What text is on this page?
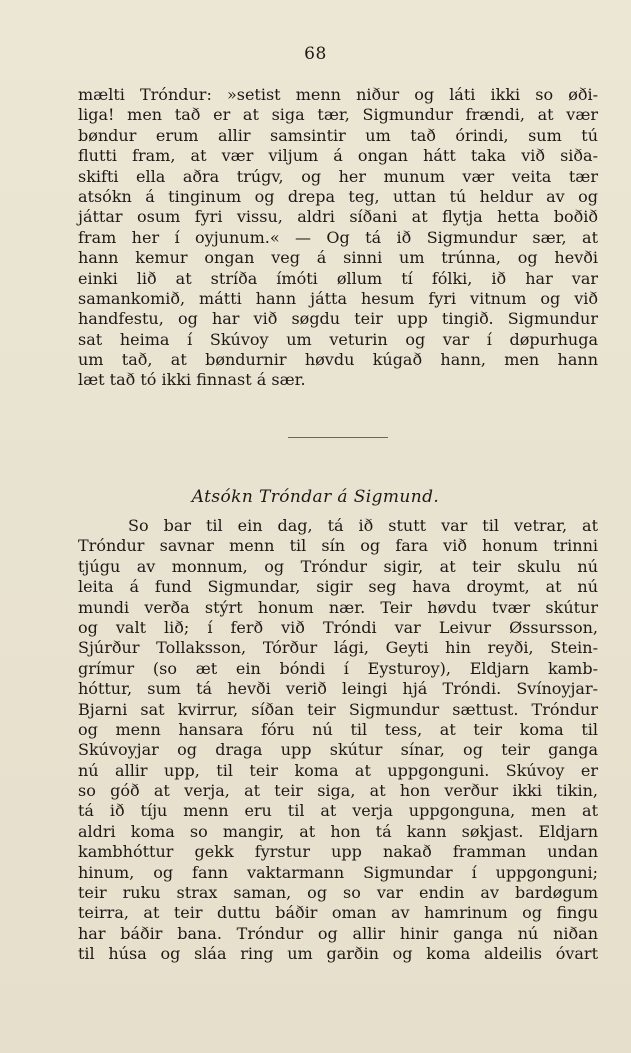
68
mælti Tróndur: »setist menn niður og láti ikki so øði-
liga! men tað er at siga tær, Sigmundur frændi, at vær
bøndur erum allir samsintir um tað órindi, sum tú
flutti fram, at vær viljum á ongan hátt taka við siða-
skifti ella aðra trúgv, og her munum vær veita tær
atsókn á tinginum og drepa teg, uttan tú heldur av og
játtar osum fyri vissu, aldri síðani at flytja hetta boðið
fram her í oyjunum.« — Og tá ið Sigmundur sær, at
hann kemur ongan veg á sinni um trúnna, og hevði
einki lið at stríða ímóti øllum tí fólki, ið har var
samankomið, mátti hann játta hesum fyri vitnum og við
handfestu, og har við søgdu teir upp tingið. Sigmundur
sat heima í Skúvoy um veturin og var í døpurhuga
um tað, at bøndurnir høvdu kúgað hann, men hann
læt tað tó ikki finnast á sær.
Atsókn Tróndar á Sigmund.
So bar til ein dag, tá ið stutt var til vetrar, at
Tróndur savnar menn til sín og fara við honum trinni
tjúgu av monnum, og Tróndur sigir, at teir skulu nú
leita á fund Sigmundar, sigir seg hava droymt, at nú
mundi verða stýrt honum nær. Teir høvdu tvær skútur
og valt lið; í ferð við Tróndi var Leivur Øssursson,
Sjúrður Tollaksson, Tórður lági, Geyti hin reyði, Stein-
grímur (so æt ein bóndi í Eysturoy), Eldjarn kamb-
hóttur, sum tá hevði verið leingi hjá Tróndi. Svínoyjar-
Bjarni sat kvirrur, síðan teir Sigmundur sættust. Tróndur
og menn hansara fóru nú til tess, at teir koma til
Skúvoyjar og draga upp skútur sínar, og teir ganga
nú allir upp, til teir koma at uppgonguni. Skúvoy er
so góð at verja, at teir siga, at hon verður ikki tikin,
tá ið tíju menn eru til at verja uppgonguna, men at
aldri koma so mangir, at hon tá kann søkjast. Eldjarn
kambhóttur gekk fyrstur upp nakað framman undan
hinum, og fann vaktarmann Sigmundar í uppgonguni;
teir ruku strax saman, og so var endin av bardøgum
teirra, at teir duttu báðir oman av hamrinum og fingu
har báðir bana. Tróndur og allir hinir ganga nú niðan
til húsa og sláa ring um garðin og koma aldeilis óvart
